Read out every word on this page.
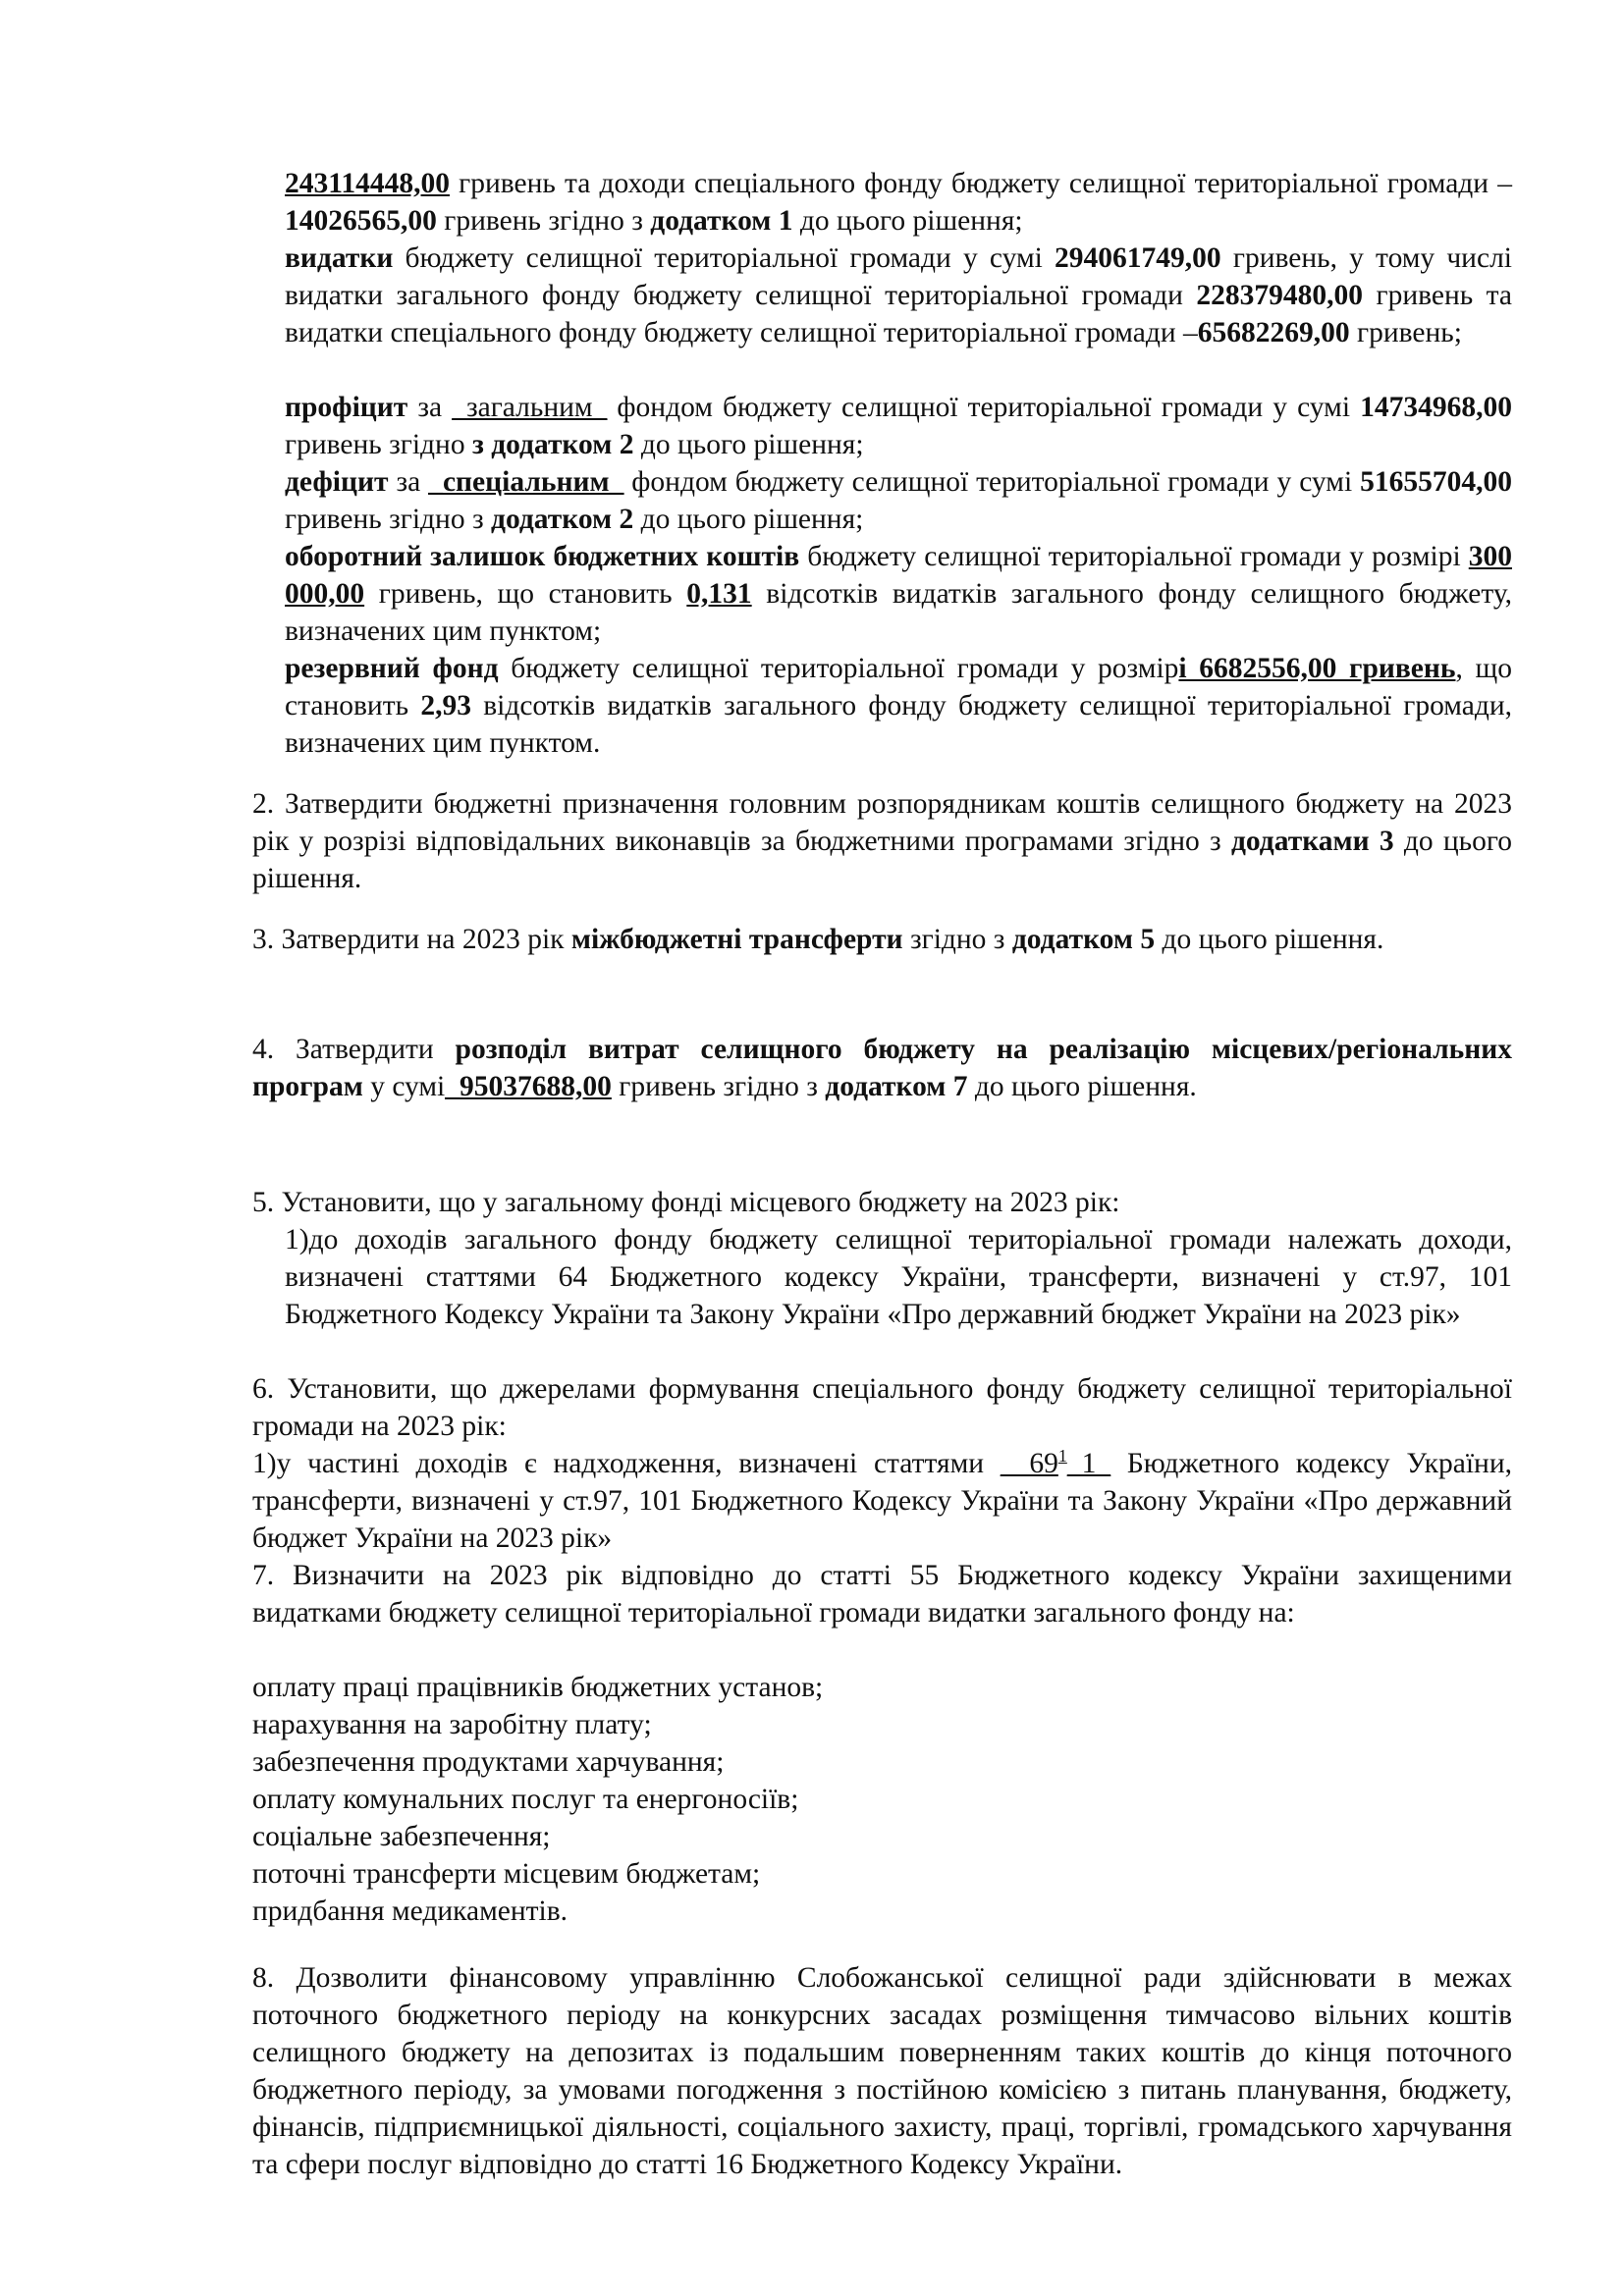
243114448,00 гривень та доходи спеціального фонду бюджету селищної територіальної громади – 14026565,00 гривень згідно з додатком 1 до цього рішення;

видатки бюджету селищної територіальної громади у сумі 294061749,00 гривень, у тому числі видатки загального фонду бюджету селищної територіальної громади 228379480,00 гривень та видатки спеціального фонду бюджету селищної територіальної громади –65682269,00 гривень;

профіцит за _загальним_ фондом бюджету селищної територіальної громади у сумі 14734968,00 гривень згідно з додатком 2 до цього рішення;

дефіцит за _спеціальним_ фондом бюджету селищної територіальної громади у сумі 51655704,00 гривень згідно з додатком 2 до цього рішення;

оборотний залишок бюджетних коштів бюджету селищної територіальної громади у розмірі 300 000,00 гривень, що становить 0,131 відсотків видатків загального фонду селищного бюджету, визначених цим пунктом;

резервний фонд бюджету селищної територіальної громади у розмірі 6682556,00 гривень, що становить 2,93 відсотків видатків загального фонду бюджету селищної територіальної громади, визначених цим пунктом.

2. Затвердити бюджетні призначення головним розпорядникам коштів селищного бюджету на 2023 рік у розрізі відповідальних виконавців за бюджетними програмами згідно з додатками 3 до цього рішення.

3. Затвердити на 2023 рік міжбюджетні трансферти згідно з додатком 5 до цього рішення.

4. Затвердити розподіл витрат селищного бюджету на реалізацію місцевих/регіональних програм у сумі_95037688,00 гривень згідно з додатком 7 до цього рішення.

5. Установити, що у загальному фонді місцевого бюджету на 2023 рік:

1)до доходів загального фонду бюджету селищної територіальної громади належать доходи, визначені статтями 64 Бюджетного кодексу України, трансферти, визначені у ст.97, 101 Бюджетного Кодексу України та Закону України «Про державний бюджет України на 2023 рік»

6. Установити, що джерелами формування спеціального фонду бюджету селищної територіальної громади на 2023 рік:

1)у частині доходів є надходження, визначені статтями $\_\_69^1\_1\_$ Бюджетного кодексу України, трансферти, визначені у ст.97, 101 Бюджетного Кодексу України та Закону України «Про державний бюджет України на 2023 рік»

7. Визначити на 2023 рік відповідно до статті 55 Бюджетного кодексу України захищеними видатками бюджету селищної територіальної громади видатки загального фонду на:

оплату праці працівників бюджетних установ;
нарахування на заробітну плату;
забезпечення продуктами харчування;
оплату комунальних послуг та енергоносіїв;
соціальне забезпечення;
поточні трансферти місцевим бюджетам;
придбання медикаментів.

8. Дозволити фінансовому управлінню Слобожанської селищної ради здійснювати в межах поточного бюджетного періоду на конкурсних засадах розміщення тимчасово вільних коштів селищного бюджету на депозитах із подальшим поверненням таких коштів до кінця поточного бюджетного періоду, за умовами погодження з постійною комісією з питань планування, бюджету, фінансів, підприємницької діяльності, соціального захисту, праці, торгівлі, громадського харчування та сфери послуг відповідно до статті 16 Бюджетного Кодексу України.
